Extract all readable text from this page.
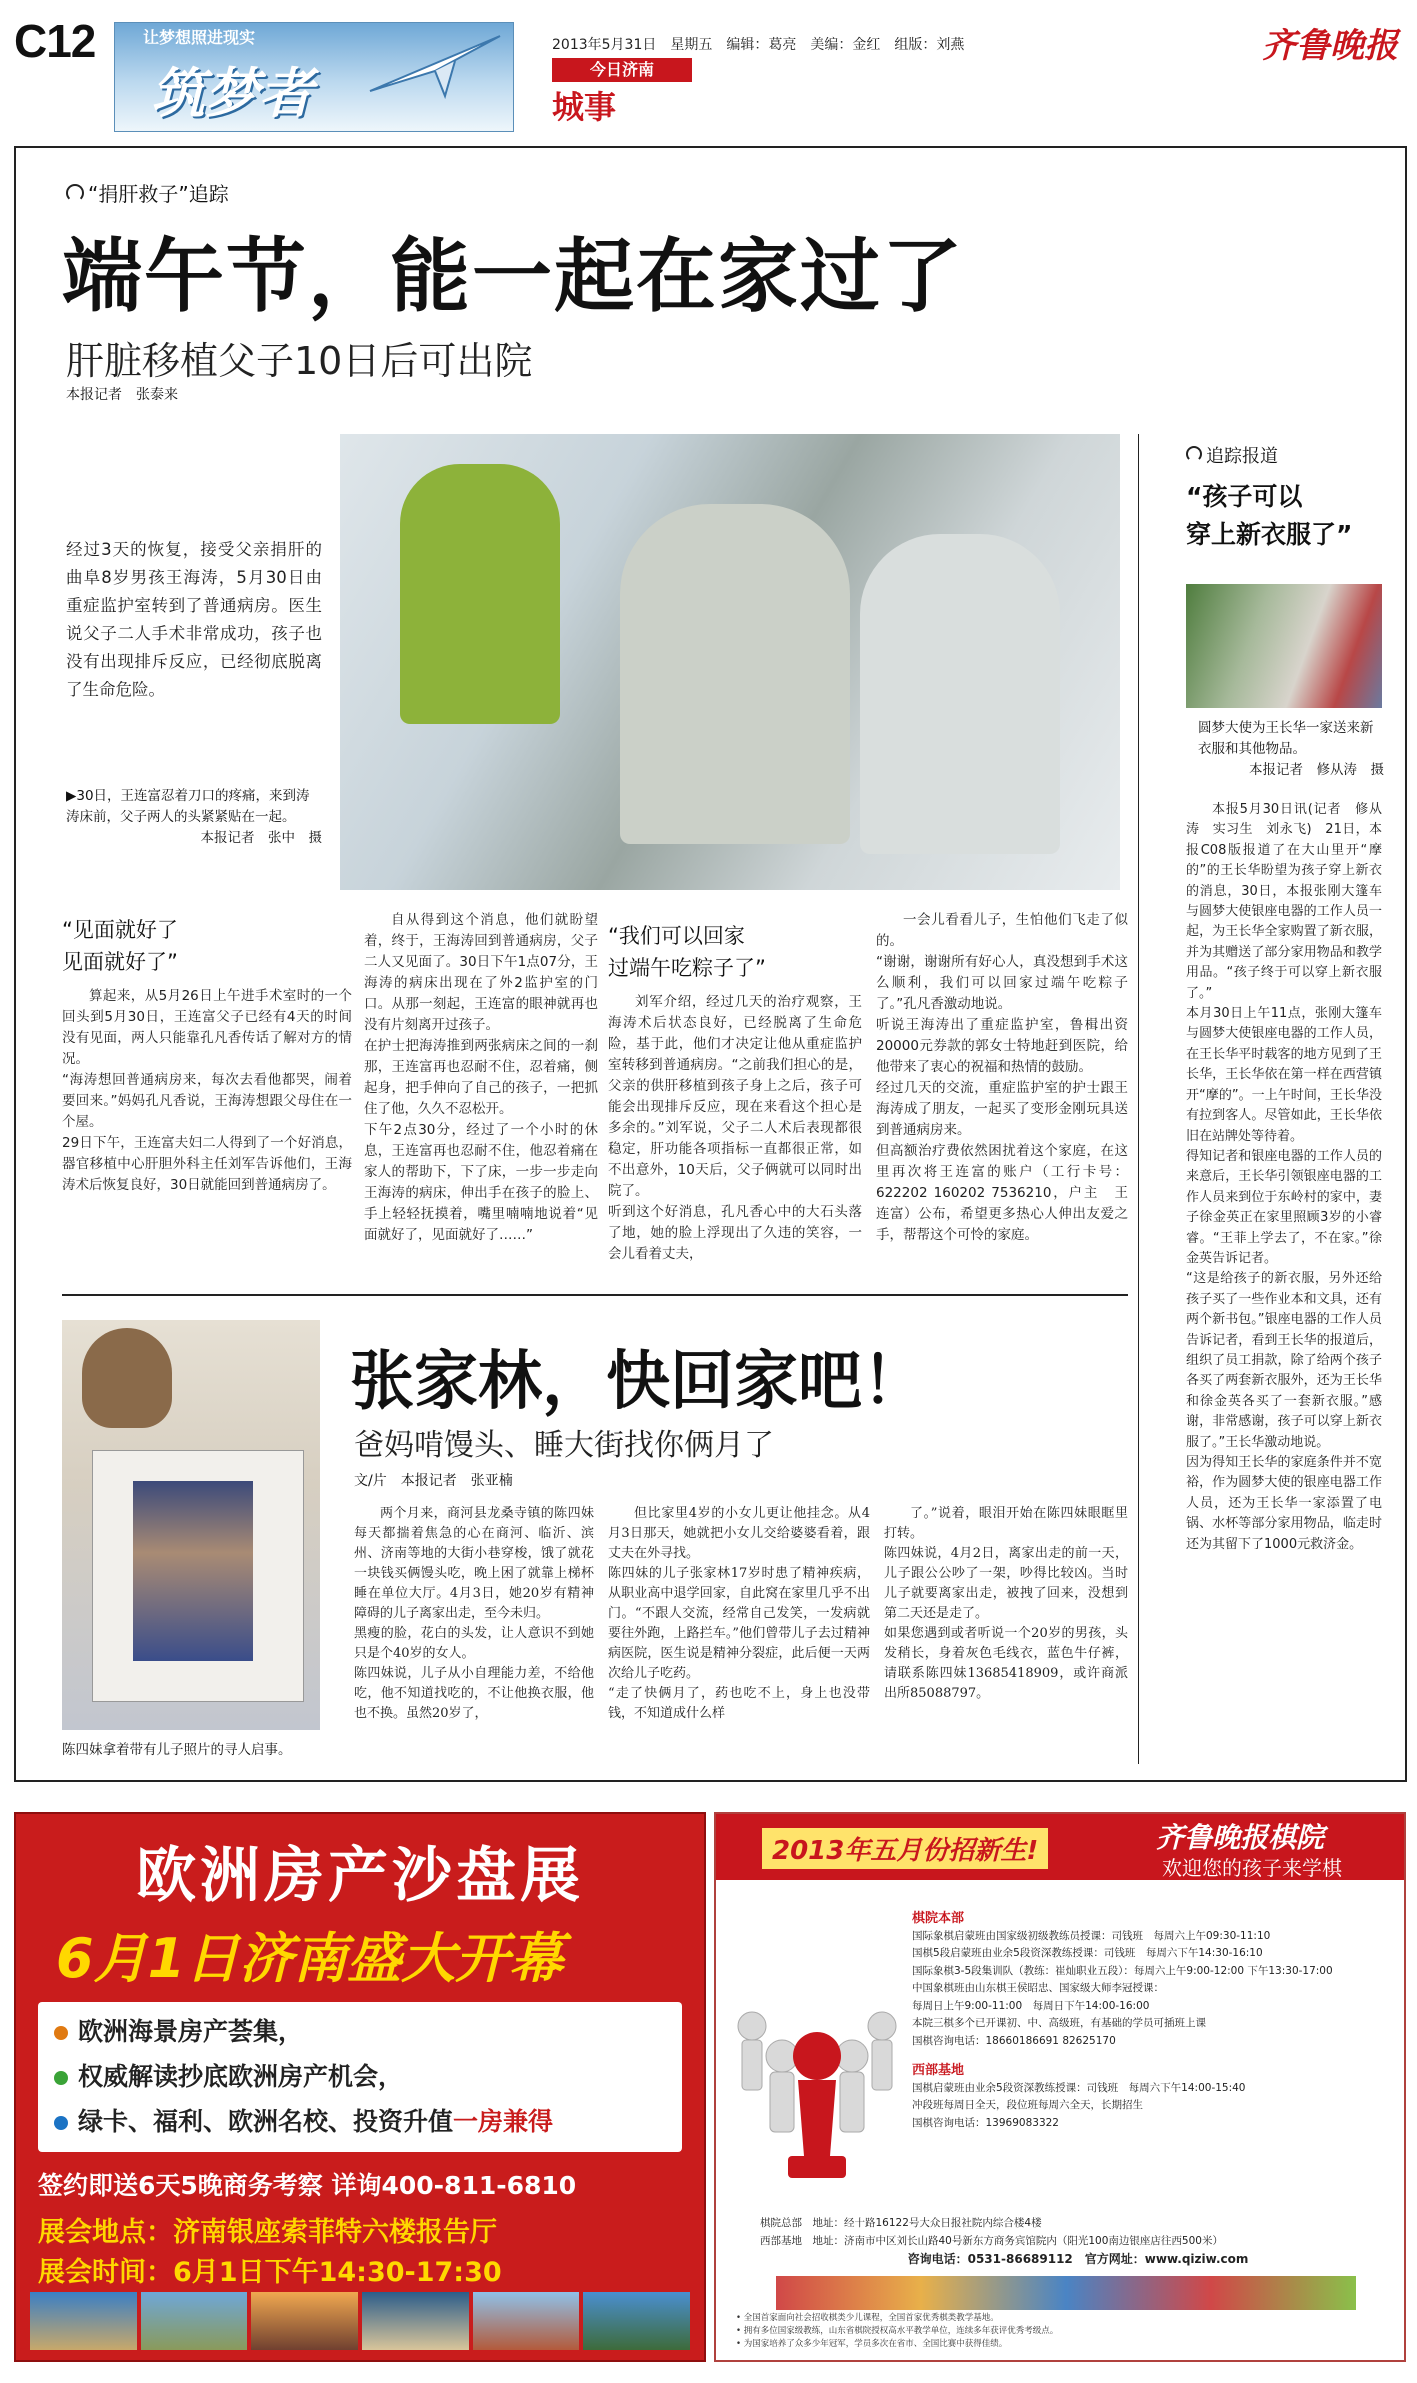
C12	让梦想照进现实
筑梦者
2013年5月31日　星期五　编辑：葛亮　美编：金红　组版：刘燕
今日济南
城事
齐鲁晚报
“捐肝救子”追踪
端午节，能一起在家过了
肝脏移植父子10日后可出院
本报记者　张泰来
经过3天的恢复，接受父亲捐肝的曲阜8岁男孩王海涛，5月30日由重症监护室转到了普通病房。医生说父子二人手术非常成功，孩子也没有出现排斥反应，已经彻底脱离了生命危险。
▶30日，王连富忍着刀口的疼痛，来到涛涛床前，父子两人的头紧紧贴在一起。
本报记者　张中　摄
“见面就好了
见面就好了”
算起来，从5月26日上午进手术室时的一个回头到5月30日，王连富父子已经有4天的时间没有见面，两人只能靠孔凡香传话了解对方的情况。
“海涛想回普通病房来，每次去看他都哭，闹着要回来。”妈妈孔凡香说，王海涛想跟父母住在一个屋。
29日下午，王连富夫妇二人得到了一个好消息，器官移植中心肝胆外科主任刘军告诉他们，王海涛术后恢复良好，30日就能回到普通病房了。
自从得到这个消息，他们就盼望着，终于，王海涛回到普通病房，父子二人又见面了。30日下午1点07分，王海涛的病床出现在了外2监护室的门口。从那一刻起，王连富的眼神就再也没有片刻离开过孩子。
在护士把海涛推到两张病床之间的一刹那，王连富再也忍耐不住，忍着痛，侧起身，把手伸向了自己的孩子，一把抓住了他，久久不忍松开。
下午2点30分，经过了一个小时的休息，王连富再也忍耐不住，他忍着痛在家人的帮助下，下了床，一步一步走向王海涛的病床，伸出手在孩子的脸上、手上轻轻抚摸着，嘴里喃喃地说着“见面就好了，见面就好了……”
“我们可以回家
过端午吃粽子了”
刘军介绍，经过几天的治疗观察，王海涛术后状态良好，已经脱离了生命危险，基于此，他们才决定让他从重症监护室转移到普通病房。“之前我们担心的是，父亲的供肝移植到孩子身上之后，孩子可能会出现排斥反应，现在来看这个担心是多余的。”刘军说，父子二人术后表现都很稳定，肝功能各项指标一直都很正常，如不出意外，10天后，父子俩就可以同时出院了。
听到这个好消息，孔凡香心中的大石头落了地，她的脸上浮现出了久违的笑容，一会儿看着丈夫，
一会儿看看儿子，生怕他们飞走了似的。
“谢谢，谢谢所有好心人，真没想到手术这么顺利，我们可以回家过端午吃粽子了。”孔凡香激动地说。
听说王海涛出了重症监护室，鲁楫出资20000元券款的郭女士特地赶到医院，给他带来了衷心的祝福和热情的鼓励。
经过几天的交流，重症监护室的护士跟王海涛成了朋友，一起买了变形金刚玩具送到普通病房来。
但高额治疗费依然困扰着这个家庭，在这里再次将王连富的账户（工行卡号：622202 160202 7536210，户主　王连富）公布，希望更多热心人伸出友爱之手，帮帮这个可怜的家庭。
追踪报道
“孩子可以
穿上新衣服了”
圆梦大使为王长华一家送来新衣服和其他物品。
本报记者　修从涛　摄
本报5月30日讯(记者　修从涛　实习生　刘永飞)　21日，本报C08版报道了在大山里开“摩的”的王长华盼望为孩子穿上新衣的消息，30日，本报张刚大篷车与圆梦大使银座电器的工作人员一起，为王长华全家购置了新衣服，并为其赠送了部分家用物品和教学用品。“孩子终于可以穿上新衣服了。”
本月30日上午11点，张刚大篷车与圆梦大使银座电器的工作人员，在王长华平时载客的地方见到了王长华，王长华依在第一样在西营镇开“摩的”。一上午时间，王长华没有拉到客人。尽管如此，王长华依旧在站牌处等待着。
得知记者和银座电器的工作人员的来意后，王长华引领银座电器的工作人员来到位于东岭村的家中，妻子徐金英正在家里照顾3岁的小睿睿。“王菲上学去了，不在家。”徐金英告诉记者。
“这是给孩子的新衣服，另外还给孩子买了一些作业本和文具，还有两个新书包。”银座电器的工作人员告诉记者，看到王长华的报道后，组织了员工捐款，除了给两个孩子各买了两套新衣服外，还为王长华和徐金英各买了一套新衣服。”感谢，非常感谢，孩子可以穿上新衣服了。”王长华激动地说。
因为得知王长华的家庭条件并不宽裕，作为圆梦大使的银座电器工作人员，还为王长华一家添置了电锅、水杯等部分家用物品，临走时还为其留下了1000元救济金。
陈四妹拿着带有儿子照片的寻人启事。
张家林，快回家吧！
爸妈啃馒头、睡大街找你俩月了
文/片　本报记者　张亚楠
两个月来，商河县龙桑寺镇的陈四妹每天都揣着焦急的心在商河、临沂、滨州、济南等地的大街小巷穿梭，饿了就花一块钱买俩馒头吃，晚上困了就靠上梯杯睡在单位大厅。4月3日，她20岁有精神障碍的儿子离家出走，至今未归。
黑瘦的脸，花白的头发，让人意识不到她只是个40岁的女人。
陈四妹说，儿子从小自理能力差，不给他吃，他不知道找吃的，不让他换衣服，他也不换。虽然20岁了，
但比家里4岁的小女儿更让他挂念。从4月3日那天，她就把小女儿交给婆婆看着，跟丈夫在外寻找。
陈四妹的儿子张家林17岁时患了精神疾病，从职业高中退学回家，自此窝在家里几乎不出门。“不跟人交流，经常自己发笑，一发病就要往外跑，上路拦车。”他们曾带儿子去过精神病医院，医生说是精神分裂症，此后便一天两次给儿子吃药。
“走了快俩月了，药也吃不上，身上也没带钱，不知道成什么样
了。”说着，眼泪开始在陈四妹眼眶里打转。
陈四妹说，4月2日，离家出走的前一天，儿子跟公公吵了一架，吵得比较凶。当时儿子就要离家出走，被拽了回来，没想到第二天还是走了。
如果您遇到或者听说一个20岁的男孩，头发稍长，身着灰色毛线衣，蓝色牛仔裤，请联系陈四妹13685418909，或许商派出所85088797。
欧洲房产沙盘展
6月1日济南盛大开幕
欧洲海景房产荟集，
权威解读抄底欧洲房产机会，
绿卡、福利、欧洲名校、投资升值一房兼得
签约即送6天5晚商务考察 详询400-811-6810
展会地点：济南银座索菲特六楼报告厅
展会时间：6月1日下午14:30-17:30
2013年五月份招新生!	齐鲁晚报棋院
欢迎您的孩子来学棋
棋院本部
国际象棋启蒙班由国家级初级教练员授课：司钱班　每周六上午09:30-11:10
国棋5段启蒙班由业余5段资深教练授课：司钱班　每周六下午14:30-16:10
国际象棋3-5段集训队（教练：崔灿职业五段）：每周六上午9:00-12:00 下午13:30-17:00
中国象棋班由山东棋王侯昭忠、国家级大师李冠授课：
每周日上午9:00-11:00　每周日下午14:00-16:00
本院三棋多个已开课初、中、高级班，有基础的学员可插班上课
国棋咨询电话：18660186691 82625170
西部基地
国棋启蒙班由业余5段资深教练授课：司钱班　每周六下午14:00-15:40
冲段班每周日全天，段位班每周六全天，长期招生
国棋咨询电话：13969083322
棋院总部　地址：经十路16122号大众日报社院内综合楼4楼
西部基地　地址：济南市中区刘长山路40号新东方商务宾馆院内（阳光100南边银座店往西500米）
咨询电话：0531-86689112　官方网址：www.qiziw.com
• 全国首家面向社会招收棋类少儿课程，全国首家优秀棋类教学基地。
• 拥有多位国家级教练，山东省棋院授权高水平教学单位，连续多年获评优秀考级点。
• 为国家培养了众多少年冠军，学员多次在省市、全国比赛中获得佳绩。
